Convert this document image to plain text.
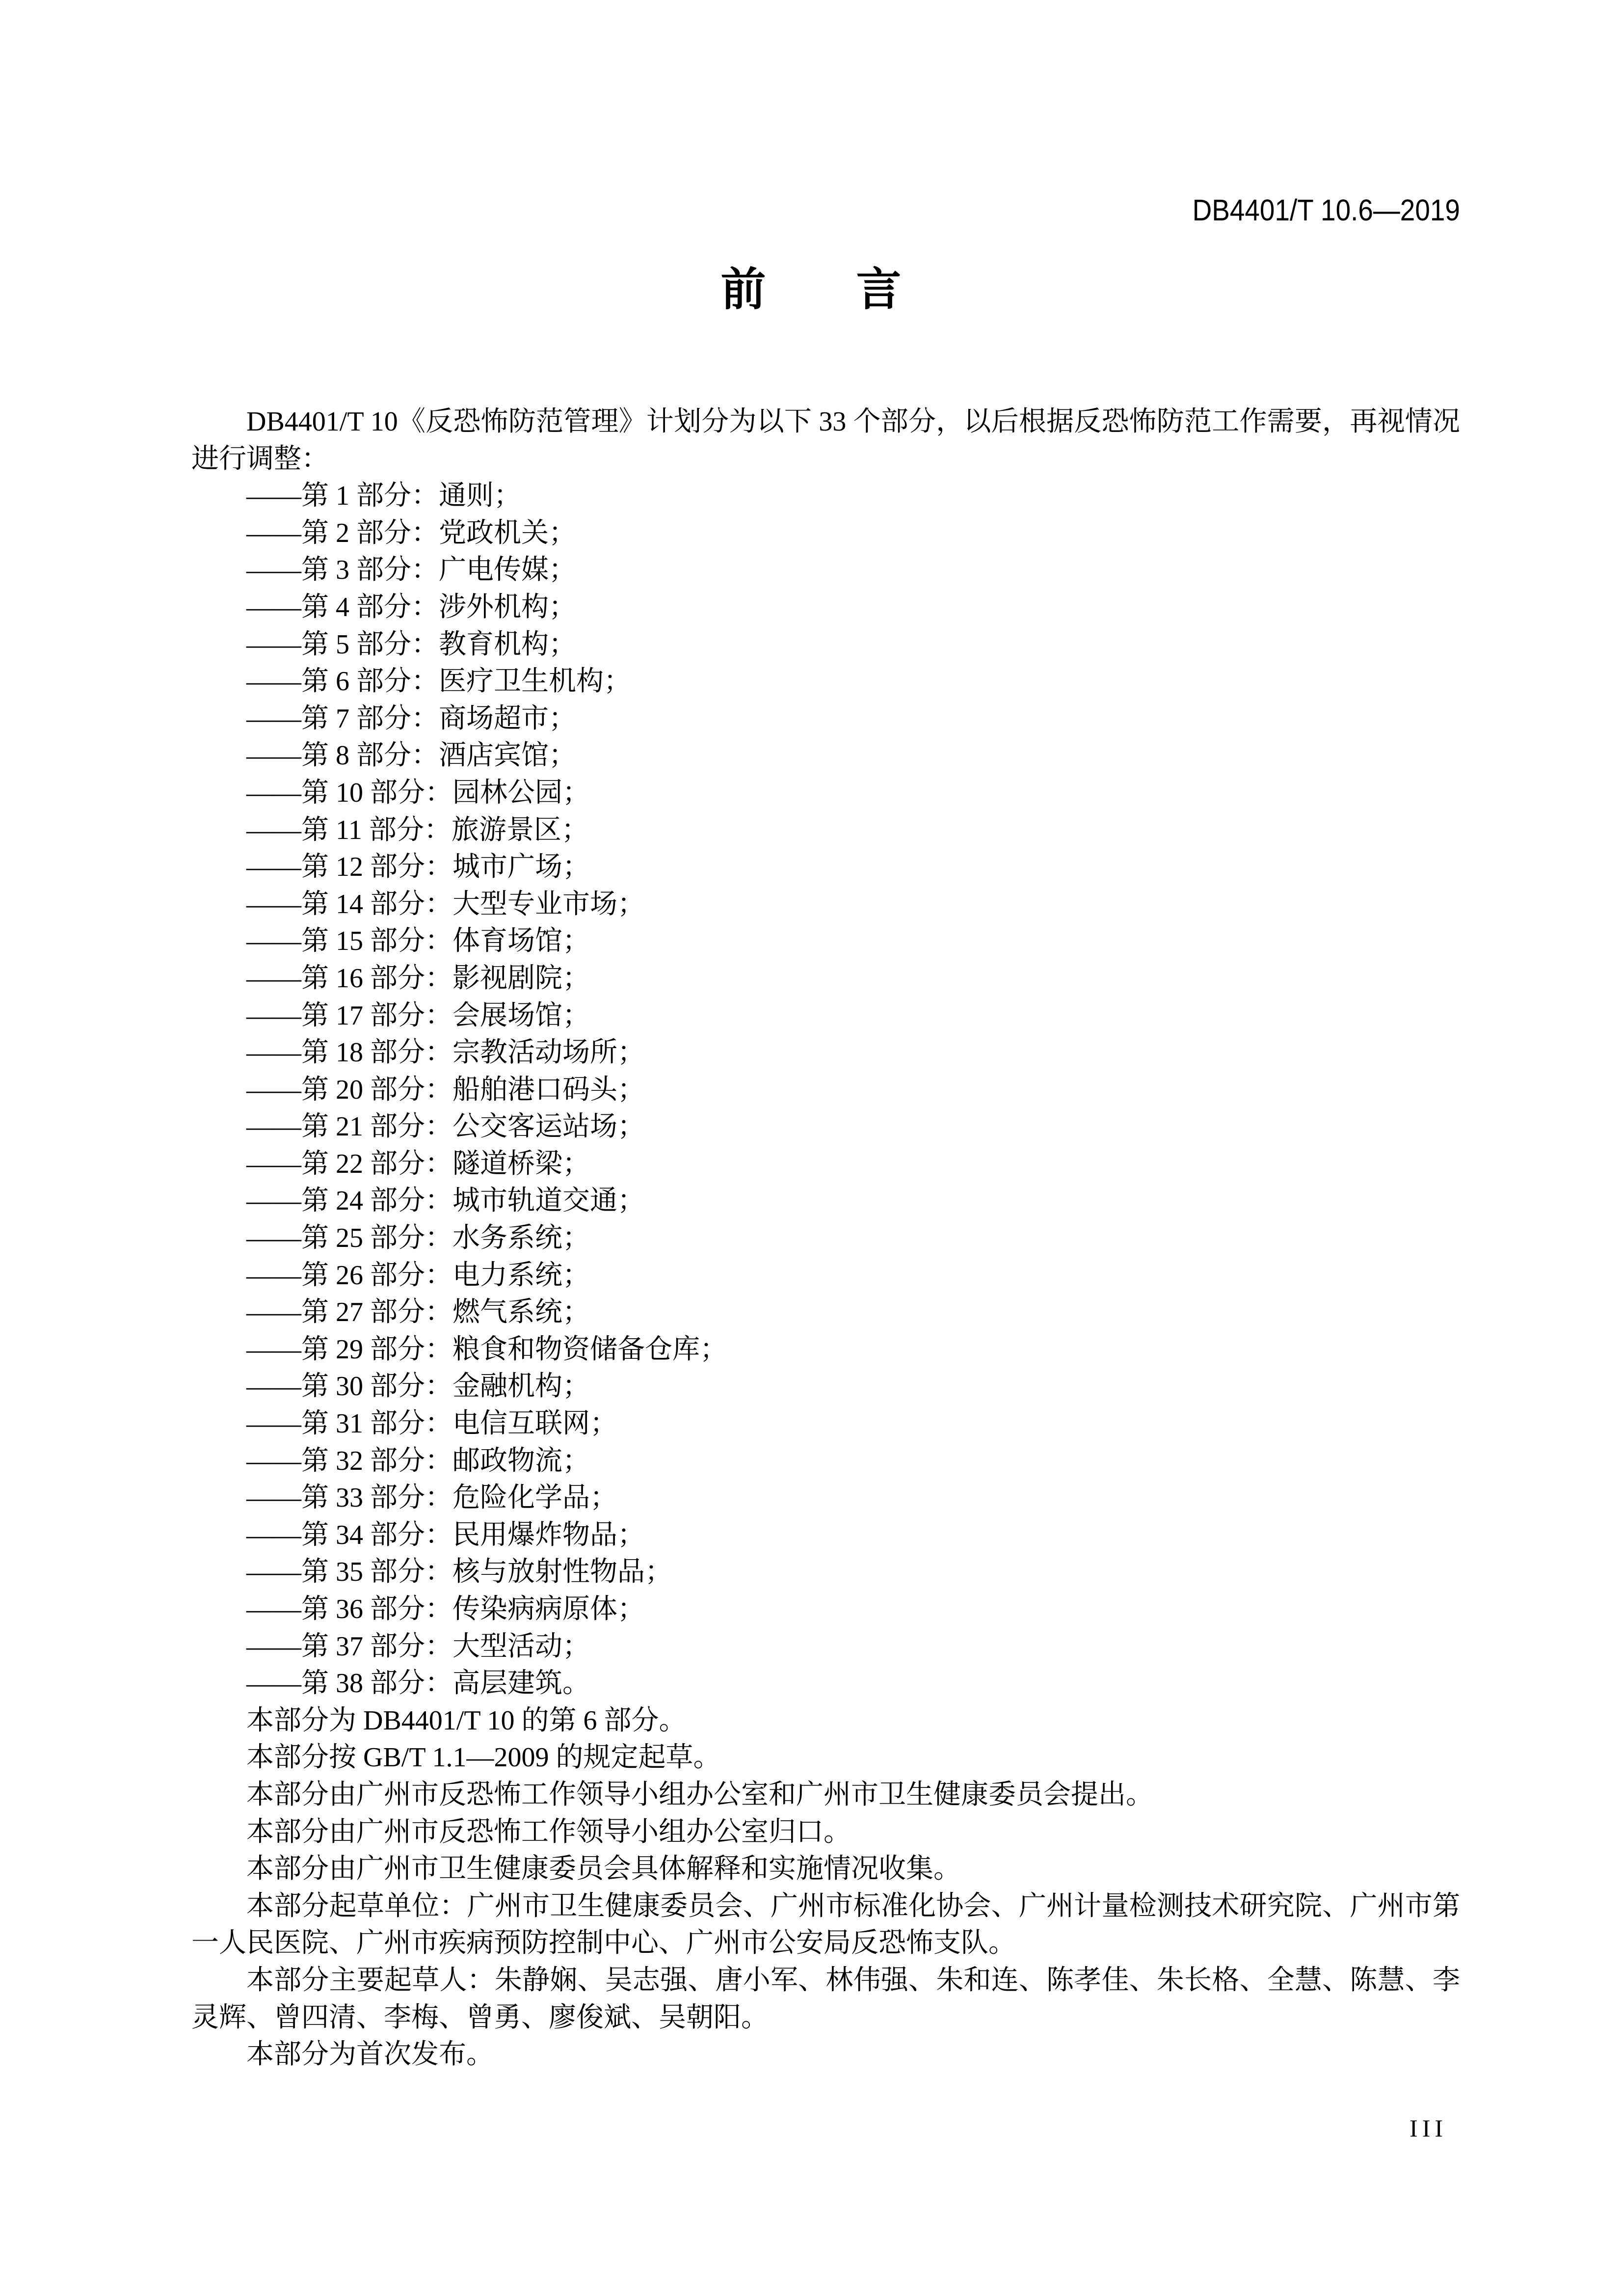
DB4401/T 10.6—2019
前　　言

DB4401/T 10《反恐怖防范管理》计划分为以下 33 个部分，以后根据反恐怖防范工作需要，再视情况进行调整：

——第 1 部分：通则；

——第 2 部分：党政机关；

——第 3 部分：广电传媒；

——第 4 部分：涉外机构；

——第 5 部分：教育机构；

——第 6 部分：医疗卫生机构；

——第 7 部分：商场超市；

——第 8 部分：酒店宾馆；

——第 10 部分：园林公园；

——第 11 部分：旅游景区；

——第 12 部分：城市广场；

——第 14 部分：大型专业市场；

——第 15 部分：体育场馆；

——第 16 部分：影视剧院；

——第 17 部分：会展场馆；

——第 18 部分：宗教活动场所；

——第 20 部分：船舶港口码头；

——第 21 部分：公交客运站场；

——第 22 部分：隧道桥梁；

——第 24 部分：城市轨道交通；

——第 25 部分：水务系统；

——第 26 部分：电力系统；

——第 27 部分：燃气系统；

——第 29 部分：粮食和物资储备仓库；

——第 30 部分：金融机构；

——第 31 部分：电信互联网；

——第 32 部分：邮政物流；

——第 33 部分：危险化学品；

——第 34 部分：民用爆炸物品；

——第 35 部分：核与放射性物品；

——第 36 部分：传染病病原体；

——第 37 部分：大型活动；

——第 38 部分：高层建筑。

本部分为 DB4401/T 10 的第 6 部分。

本部分按 GB/T 1.1—2009 的规定起草。

本部分由广州市反恐怖工作领导小组办公室和广州市卫生健康委员会提出。

本部分由广州市反恐怖工作领导小组办公室归口。

本部分由广州市卫生健康委员会具体解释和实施情况收集。

本部分起草单位：广州市卫生健康委员会、广州市标准化协会、广州计量检测技术研究院、广州市第一人民医院、广州市疾病预防控制中心、广州市公安局反恐怖支队。

本部分主要起草人：朱静娴、吴志强、唐小军、林伟强、朱和连、陈孝佳、朱长格、全慧、陈慧、李灵辉、曾四清、李梅、曾勇、廖俊斌、吴朝阳。

本部分为首次发布。

III
